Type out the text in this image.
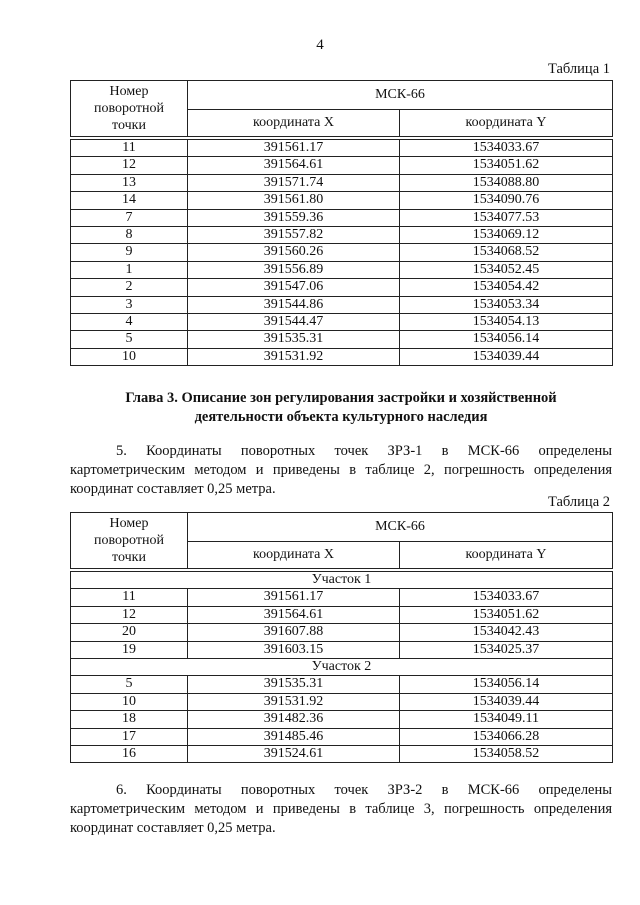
4
Таблица 1
Номер
поворотной
точки	МСК-66	
	координата X	координата Y

11	391561.17	1534033.67
12	391564.61	1534051.62
13	391571.74	1534088.80
14	391561.80	1534090.76
7	391559.36	1534077.53
8	391557.82	1534069.12
9	391560.26	1534068.52
1	391556.89	1534052.45
2	391547.06	1534054.42
3	391544.86	1534053.34
4	391544.47	1534054.13
5	391535.31	1534056.14
10	391531.92	1534039.44
Глава 3. Описание зон регулирования застройки и хозяйственной
деятельности объекта культурного наследия
5. Координаты поворотных точек ЗРЗ-1 в МСК-66 определены
картометрическим методом и приведены в таблице 2, погрешность определения координат составляет 0,25 метра.
Таблица 2
Номер
поворотной
точки	МСК-66	
	координата X	координата Y

Участок 1		
11	391561.17	1534033.67
12	391564.61	1534051.62
20	391607.88	1534042.43
19	391603.15	1534025.37
Участок 2		
5	391535.31	1534056.14
10	391531.92	1534039.44
18	391482.36	1534049.11
17	391485.46	1534066.28
16	391524.61	1534058.52
6. Координаты поворотных точек ЗРЗ-2 в МСК-66 определены
картометрическим методом и приведены в таблице 3, погрешность определения координат составляет 0,25 метра.
